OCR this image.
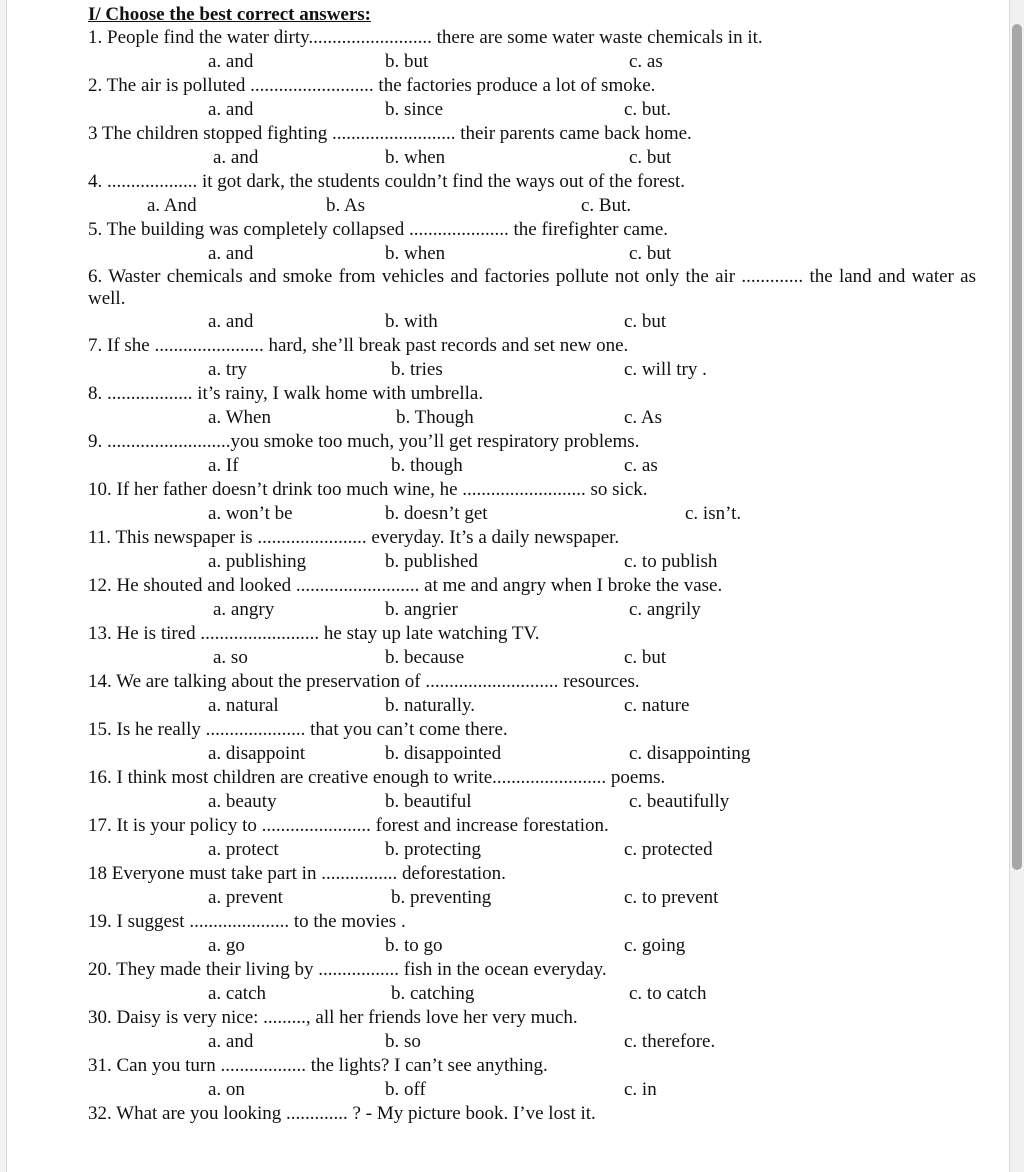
I/ Choose the best correct answers:
1. People find the water dirty.......................... there are some water waste chemicals in it.
a. and	b. but	c. as
2. The air is polluted .......................... the factories produce a lot of smoke.
a. and	b. since	c. but.
3 The children stopped fighting .......................... their parents came back home.
a. and	b. when	c. but
4. ................... it got dark, the students couldn’t find the ways out of the forest.
a. And	b. As	c. But.
5. The building was completely collapsed ..................... the firefighter came.
a. and	b. when	c. but
6. Waster chemicals and smoke from vehicles and factories pollute not only the air ............. the land and water as well.
a. and	b. with	c. but
7. If she ....................... hard, she’ll break past records and set new one.
a. try	b. tries	c. will try .
8. .................. it’s rainy, I walk home with umbrella.
a. When	b. Though	c. As
9. ..........................you smoke too much, you’ll get respiratory problems.
a. If	b. though	c. as
10. If her father doesn’t drink too much wine, he .......................... so sick.
a. won’t be	b. doesn’t get	c. isn’t.
11. This newspaper is ....................... everyday. It’s a daily newspaper.
a. publishing	b. published	c. to publish
12. He shouted and looked .......................... at me and angry when I broke the vase.
a. angry	b. angrier	c. angrily
13. He is tired ......................... he stay up late watching TV.
a. so	b. because	c. but
14. We are talking about the preservation of ............................ resources.
a. natural	b. naturally.	c. nature
15. Is he really ..................... that you can’t come there.
a. disappoint	b. disappointed	c. disappointing
16. I think most children are creative enough to write........................ poems.
a. beauty	b. beautiful	c. beautifully
17. It is your policy to ....................... forest and increase forestation.
a. protect	b. protecting	c. protected
18 Everyone must take part in ................ deforestation.
a. prevent	b. preventing	c. to prevent
19. I suggest ..................... to the movies .
a. go	b. to go	c. going
20. They made their living by ................. fish in the ocean everyday.
a. catch	b. catching	c. to catch
30. Daisy is very nice: ........., all her friends love her very much.
a. and	b. so	c. therefore.
31. Can you turn .................. the lights? I can’t see anything.
a. on	b. off	c. in
32. What are you looking ............. ? - My picture book. I’ve lost it.
